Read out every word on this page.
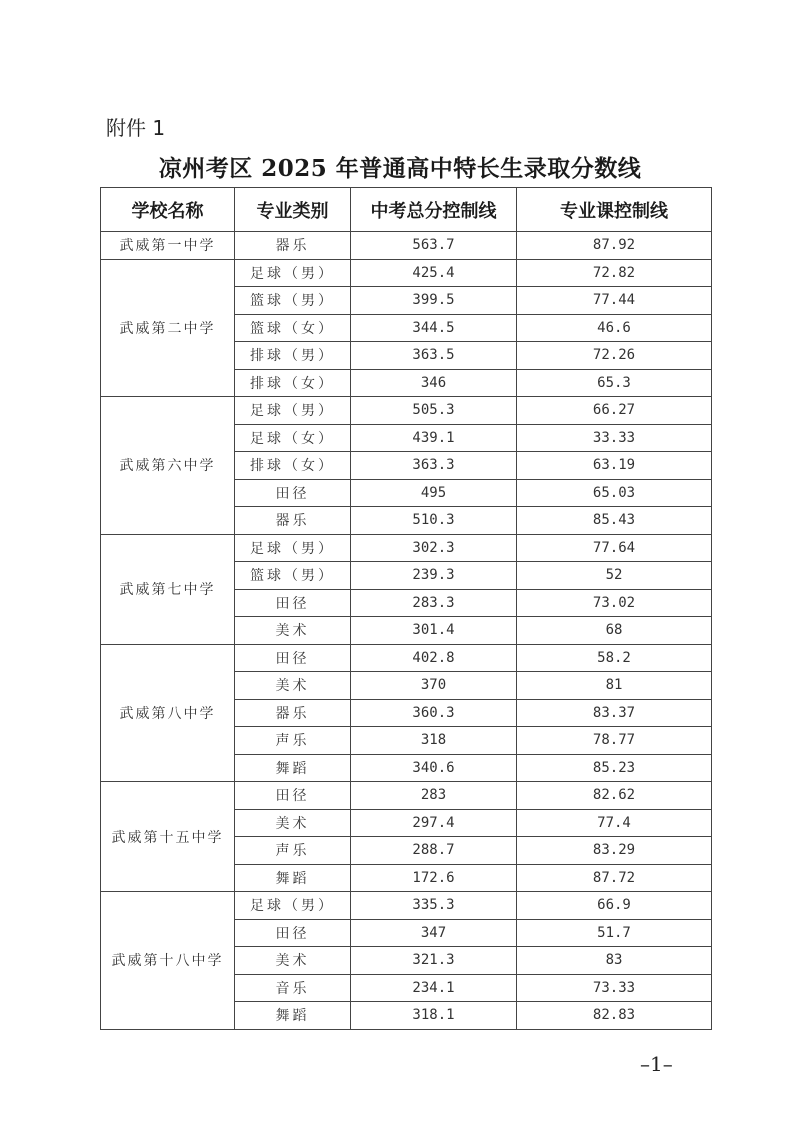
附件 1
凉州考区 2025 年普通高中特长生录取分数线
学校名称	专业类别	中考总分控制线	专业课控制线
武威第一中学	器乐	563.7	87.92
武威第二中学	足球（男）	425.4	72.82
	篮球（男）	399.5	77.44
	篮球（女）	344.5	46.6
	排球（男）	363.5	72.26
	排球（女）	346	65.3
武威第六中学	足球（男）	505.3	66.27
	足球（女）	439.1	33.33
	排球（女）	363.3	63.19
	田径	495	65.03
	器乐	510.3	85.43
武威第七中学	足球（男）	302.3	77.64
	篮球（男）	239.3	52
	田径	283.3	73.02
	美术	301.4	68
武威第八中学	田径	402.8	58.2
	美术	370	81
	器乐	360.3	83.37
	声乐	318	78.77
	舞蹈	340.6	85.23
武威第十五中学	田径	283	82.62
	美术	297.4	77.4
	声乐	288.7	83.29
	舞蹈	172.6	87.72
武威第十八中学	足球（男）	335.3	66.9
	田径	347	51.7
	美术	321.3	83
	音乐	234.1	73.33
	舞蹈	318.1	82.83
–1–
